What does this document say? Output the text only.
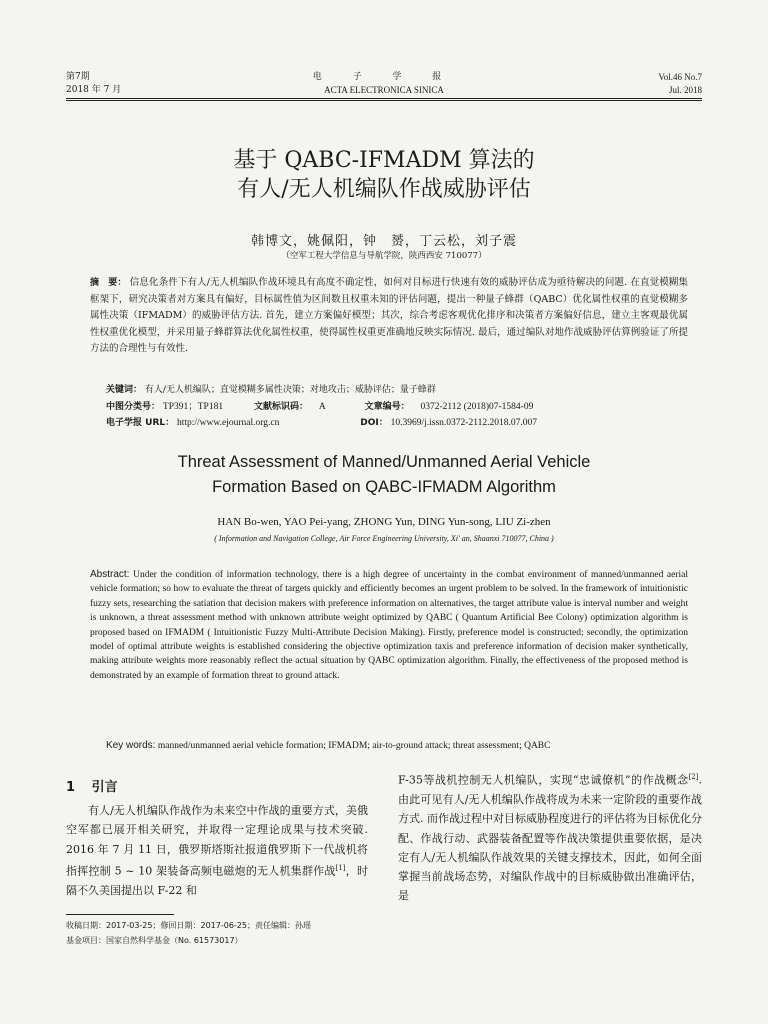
第7期
2018 年 7 月
电 子 学 报
ACTA ELECTRONICA SINICA
Vol.46 No.7
Jul. 2018
基于 QABC-IFMADM 算法的
有人/无人机编队作战威胁评估
韩博文，姚佩阳，钟　赟，丁云松，刘子震
（空军工程大学信息与导航学院，陕西西安 710077）
摘　要： 信息化条件下有人/无人机编队作战环境具有高度不确定性，如何对目标进行快速有效的威胁评估成为亟待解决的问题. 在直觉模糊集框架下，研究决策者对方案具有偏好，目标属性值为区间数且权重未知的评估问题，提出一种量子蜂群（QABC）优化属性权重的直觉模糊多属性决策（IFMADM）的威胁评估方法. 首先，建立方案偏好模型；其次，综合考虑客观优化排序和决策者方案偏好信息，建立主客观最优属性权重优化模型，并采用量子蜂群算法优化属性权重，使得属性权重更准确地反映实际情况. 最后，通过编队对地作战威胁评估算例验证了所提方法的合理性与有效性.
关键词： 有人/无人机编队；直觉模糊多属性决策；对地攻击；威胁评估；量子蜂群
中图分类号： TP391；TP181	文献标识码： A	文章编号： 0372-2112 (2018)07-1584-09
电子学报 URL： http://www.ejournal.org.cn	DOI： 10.3969/j.issn.0372-2112.2018.07.007
Threat Assessment of Manned/Unmanned Aerial Vehicle
Formation Based on QABC-IFMADM Algorithm
HAN Bo-wen, YAO Pei-yang, ZHONG Yun, DING Yun-song, LIU Zi-zhen
( Information and Navigation College, Air Force Engineering University, Xi' an, Shaanxi 710077, China )
Abstract: Under the condition of information technology, there is a high degree of uncertainty in the combat environment of manned/unmanned aerial vehicle formation; so how to evaluate the threat of targets quickly and efficiently becomes an urgent problem to be solved. In the framework of intuitionistic fuzzy sets, researching the satiation that decision makers with preference information on alternatives, the target attribute value is interval number and weight is unknown, a threat assessment method with unknown attribute weight optimized by QABC ( Quantum Artificial Bee Colony) optimization algorithm is proposed based on IFMADM ( Intuitionistic Fuzzy Multi-Attribute Decision Making). Firstly, preference model is constructed; secondly, the optimization model of optimal attribute weights is established considering the objective optimization taxis and preference information of decision maker synthetically, making attribute weights more reasonably reflect the actual situation by QABC optimization algorithm. Finally, the effectiveness of the proposed method is demonstrated by an example of formation threat to ground attack.
Key words: manned/unmanned aerial vehicle formation; IFMADM; air-to-ground attack; threat assessment; QABC
1 引言
有人/无人机编队作战作为未来空中作战的重要方式，美俄空军都已展开相关研究，并取得一定理论成果与技术突破. 2016 年 7 月 11 日，俄罗斯塔斯社报道俄罗斯下一代战机将指挥控制 5 ~ 10 架装备高频电磁炮的无人机集群作战[1]，时隔不久美国提出以 F-22 和
F-35等战机控制无人机编队，实现“忠诚僚机”的作战概念[2]. 由此可见有人/无人机编队作战将成为未来一定阶段的重要作战方式. 而作战过程中对目标威胁程度进行的评估将为目标优化分配、作战行动、武器装备配置等作战决策提供重要依据，是决定有人/无人机编队作战效果的关键支撑技术，因此，如何全面掌握当前战场态势，对编队作战中的目标威胁做出准确评估，是
收稿日期：2017-03-25；修回日期：2017-06-25；责任编辑：孙瑶
基金项目：国家自然科学基金（No. 61573017）
